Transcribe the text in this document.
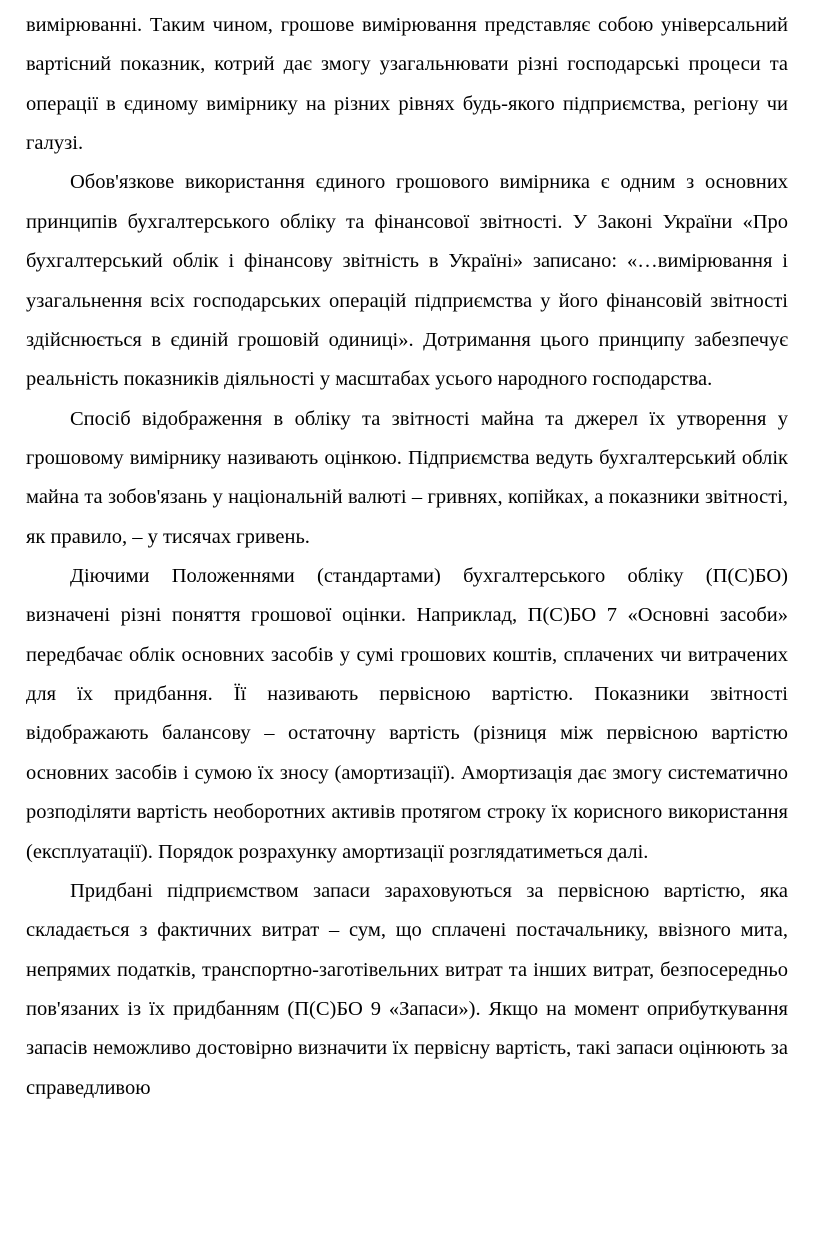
вимірюванні. Таким чином, грошове вимірювання представляє собою універсальний вартісний показник, котрий дає змогу узагальнювати різні господарські процеси та операції в єдиному вимірнику на різних рівнях будь-якого підприємства, регіону чи галузі.

Обов'язкове використання єдиного грошового вимірника є одним з основних принципів бухгалтерського обліку та фінансової звітності. У Законі України «Про бухгалтерський облік і фінансову звітність в Україні» записано: «…вимірювання і узагальнення всіх господарських операцій підприємства у його фінансовій звітності здійснюється в єдиній грошовій одиниці». Дотримання цього принципу забезпечує реальність показників діяльності у масштабах усього народного господарства.

Спосіб відображення в обліку та звітності майна та джерел їх утворення у грошовому вимірнику називають оцінкою. Підприємства ведуть бухгалтерський облік майна та зобов'язань у національній валюті – гривнях, копійках, а показники звітності, як правило, – у тисячах гривень.

Діючими Положеннями (стандартами) бухгалтерського обліку (П(С)БО) визначені різні поняття грошової оцінки. Наприклад, П(С)БО 7 «Основні засоби» передбачає облік основних засобів у сумі грошових коштів, сплачених чи витрачених для їх придбання. Її називають первісною вартістю. Показники звітності відображають балансову – остаточну вартість (різниця між первісною вартістю основних засобів і сумою їх зносу (амортизації). Амортизація дає змогу систематично розподіляти вартість необоротних активів протягом строку їх корисного використання (експлуатації). Порядок розрахунку амортизації розглядатиметься далі.

Придбані підприємством запаси зараховуються за первісною вартістю, яка складається з фактичних витрат – сум, що сплачені постачальнику, ввізного мита, непрямих податків, транспортно-заготівельних витрат та інших витрат, безпосередньо пов'язаних із їх придбанням (П(С)БО 9 «Запаси»). Якщо на момент оприбуткування запасів неможливо достовірно визначити їх первісну вартість, такі запаси оцінюють за справедливою
